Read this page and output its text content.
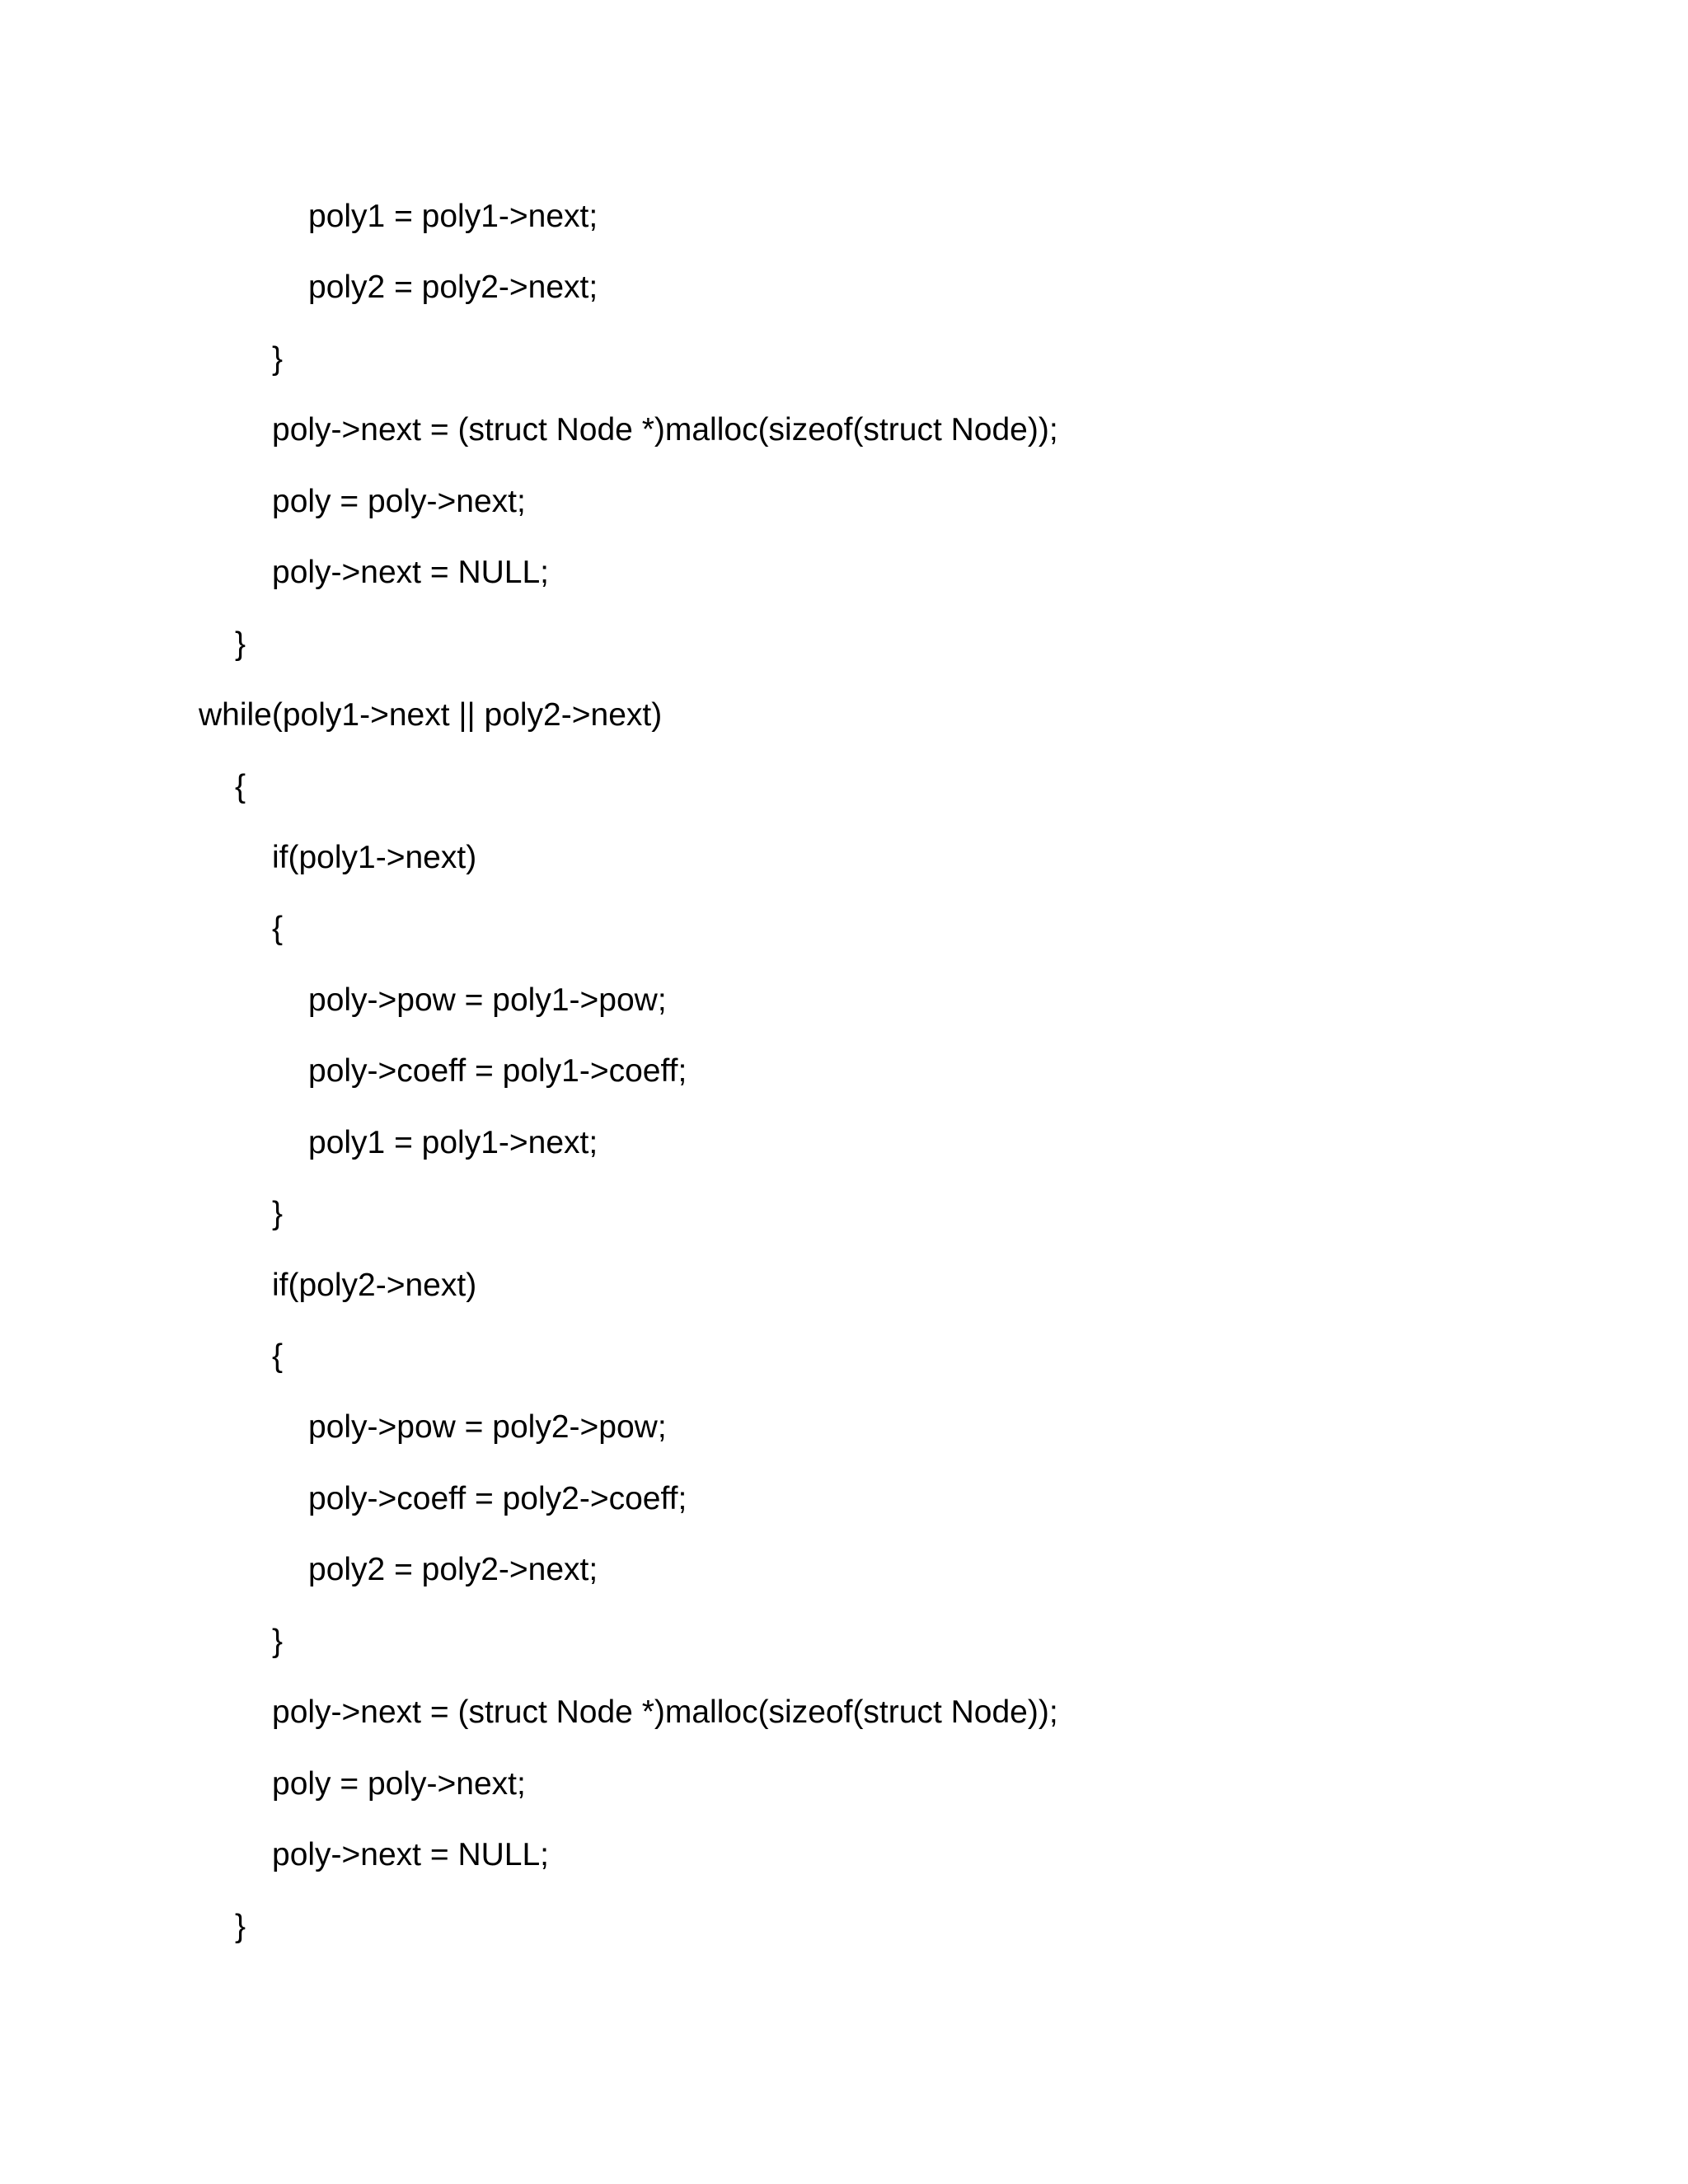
poly1 = poly1->next;
poly2 = poly2->next;
}
poly->next = (struct Node *)malloc(sizeof(struct Node));
poly = poly->next;
poly->next = NULL;
}
while(poly1->next || poly2->next)
{
if(poly1->next)
{
poly->pow = poly1->pow;
poly->coeff = poly1->coeff;
poly1 = poly1->next;
}
if(poly2->next)
{
poly->pow = poly2->pow;
poly->coeff = poly2->coeff;
poly2 = poly2->next;
}
poly->next = (struct Node *)malloc(sizeof(struct Node));
poly = poly->next;
poly->next = NULL;
}
